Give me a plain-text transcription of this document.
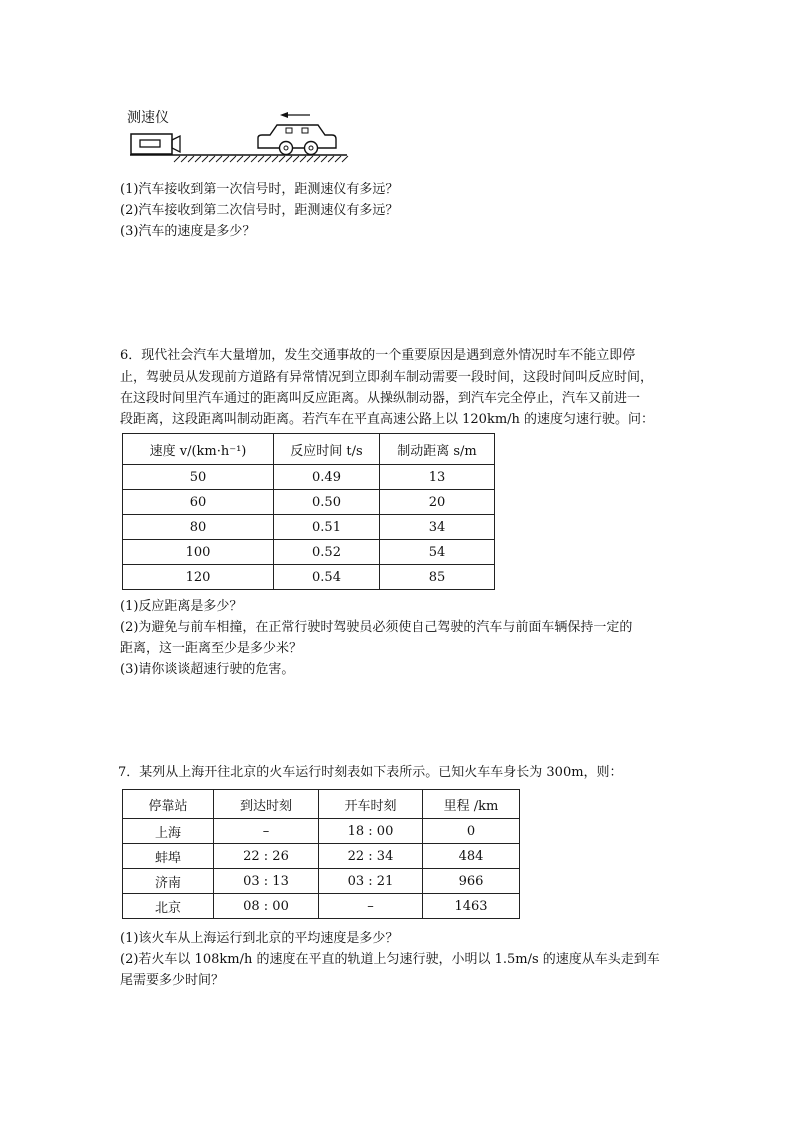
测速仪
(1)汽车接收到第一次信号时，距测速仪有多远？
(2)汽车接收到第二次信号时，距测速仪有多远？
(3)汽车的速度是多少？
6．现代社会汽车大量增加，发生交通事故的一个重要原因是遇到意外情况时车不能立即停
止，驾驶员从发现前方道路有异常情况到立即刹车制动需要一段时间，这段时间叫反应时间，
在这段时间里汽车通过的距离叫反应距离。从操纵制动器，到汽车完全停止，汽车又前进一
段距离，这段距离叫制动距离。若汽车在平直高速公路上以 120km/h 的速度匀速行驶。问：
速度 v/(km·h⁻¹)	反应时间 t/s	制动距离 s/m
50	0.49	13
60	0.50	20
80	0.51	34
100	0.52	54
120	0.54	85
(1)反应距离是多少？
(2)为避免与前车相撞，在正常行驶时驾驶员必须使自己驾驶的汽车与前面车辆保持一定的
距离，这一距离至少是多少米？
(3)请你谈谈超速行驶的危害。
7．某列从上海开往北京的火车运行时刻表如下表所示。已知火车车身长为 300m，则：
停靠站	到达时刻	开车时刻	里程 /km
上海	–	18 : 00	0
蚌埠	22 : 26	22 : 34	484
济南	03 : 13	03 : 21	966
北京	08 : 00	–	1463
(1)该火车从上海运行到北京的平均速度是多少？
(2)若火车以 108km/h 的速度在平直的轨道上匀速行驶，小明以 1.5m/s 的速度从车头走到车
尾需要多少时间？
